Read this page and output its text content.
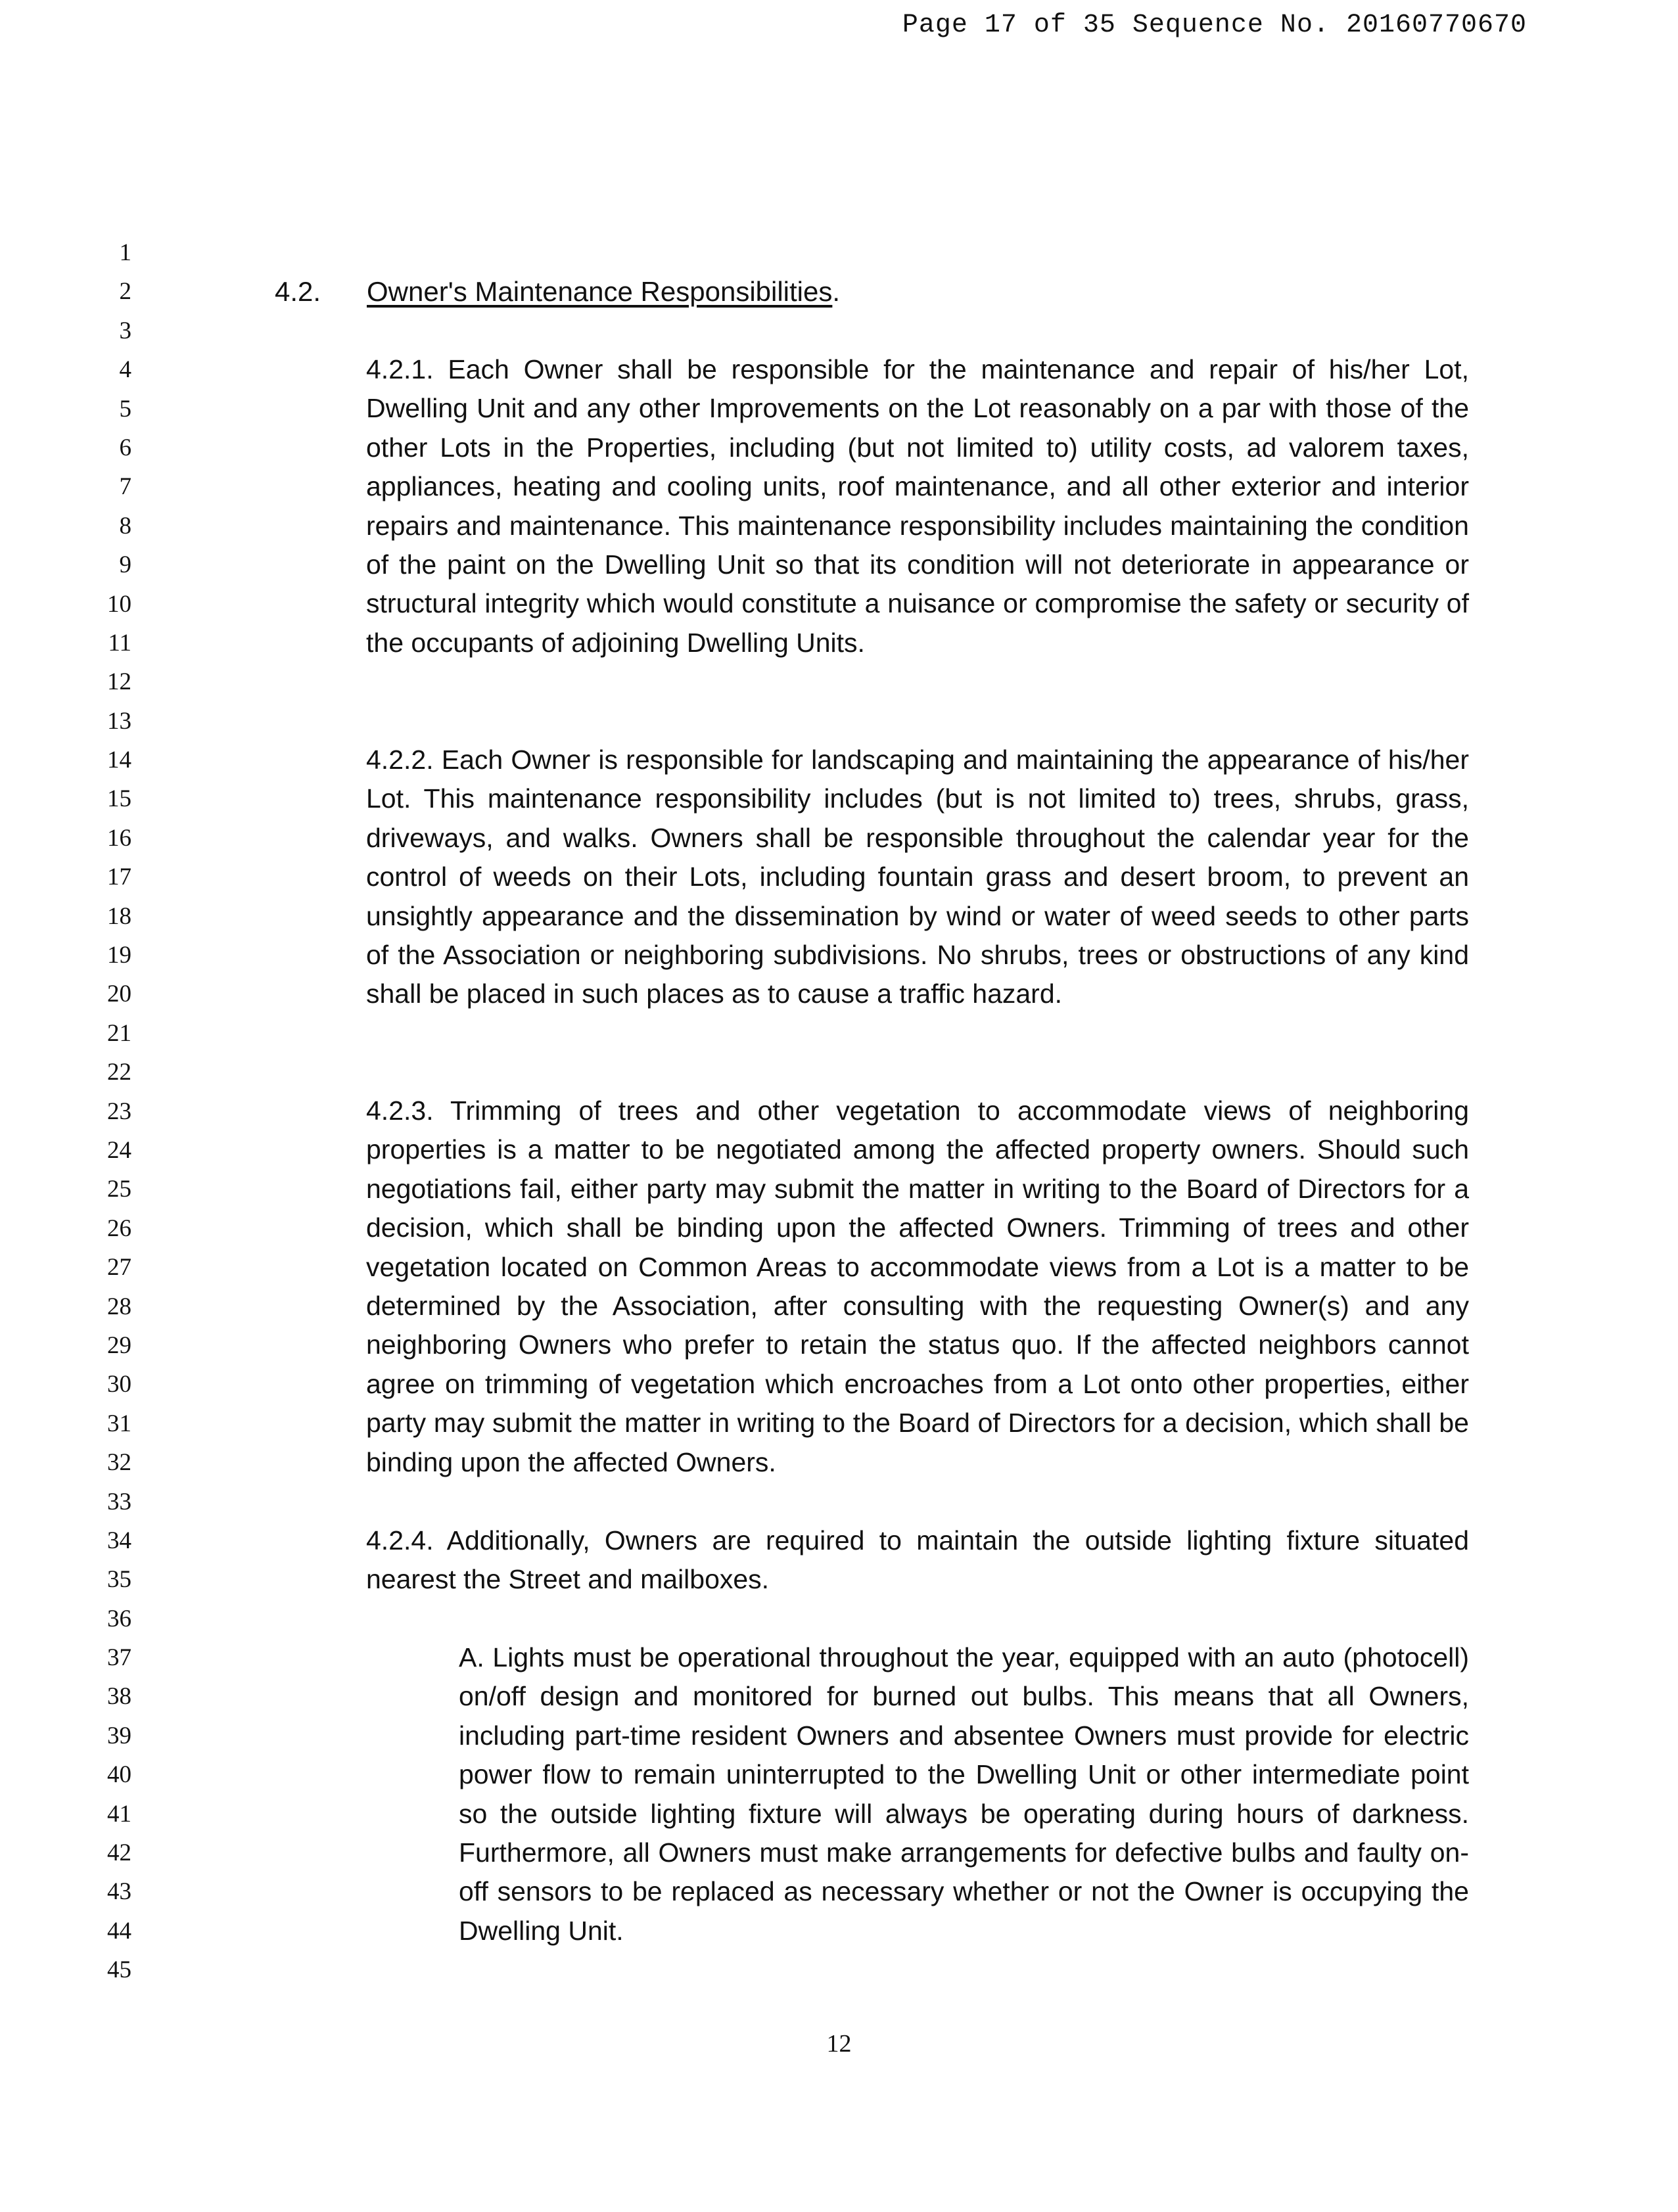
Page 17 of 35 Sequence No. 20160770670
1
2
3
4
5
6
7
8
9
10
11
12
13
14
15
16
17
18
19
20
21
22
23
24
25
26
27
28
29
30
31
32
33
34
35
36
37
38
39
40
41
42
43
44
45
4.2. Owner's Maintenance Responsibilities.

4.2.1. Each Owner shall be responsible for the maintenance and repair of his/her Lot, Dwelling Unit and any other Improvements on the Lot reasonably on a par with those of the other Lots in the Properties, including (but not limited to) utility costs, ad valorem taxes, appliances, heating and cooling units, roof maintenance, and all other exterior and interior repairs and maintenance. This maintenance responsibility includes maintaining the condition of the paint on the Dwelling Unit so that its condition will not deteriorate in appearance or structural integrity which would constitute a nuisance or compromise the safety or security of the occupants of adjoining Dwelling Units.

4.2.2. Each Owner is responsible for landscaping and maintaining the appearance of his/her Lot. This maintenance responsibility includes (but is not limited to) trees, shrubs, grass, driveways, and walks. Owners shall be responsible throughout the calendar year for the control of weeds on their Lots, including fountain grass and desert broom, to prevent an unsightly appearance and the dissemination by wind or water of weed seeds to other parts of the Association or neighboring subdivisions. No shrubs, trees or obstructions of any kind shall be placed in such places as to cause a traffic hazard.

4.2.3. Trimming of trees and other vegetation to accommodate views of neighboring properties is a matter to be negotiated among the affected property owners. Should such negotiations fail, either party may submit the matter in writing to the Board of Directors for a decision, which shall be binding upon the affected Owners. Trimming of trees and other vegetation located on Common Areas to accommodate views from a Lot is a matter to be determined by the Association, after consulting with the requesting Owner(s) and any neighboring Owners who prefer to retain the status quo. If the affected neighbors cannot agree on trimming of vegetation which encroaches from a Lot onto other properties, either party may submit the matter in writing to the Board of Directors for a decision, which shall be binding upon the affected Owners.

4.2.4. Additionally, Owners are required to maintain the outside lighting fixture situated nearest the Street and mailboxes.

A. Lights must be operational throughout the year, equipped with an auto (photocell) on/off design and monitored for burned out bulbs. This means that all Owners, including part-time resident Owners and absentee Owners must provide for electric power flow to remain uninterrupted to the Dwelling Unit or other intermediate point so the outside lighting fixture will always be operating during hours of darkness. Furthermore, all Owners must make arrangements for defective bulbs and faulty on-off sensors to be replaced as necessary whether or not the Owner is occupying the Dwelling Unit.

12
